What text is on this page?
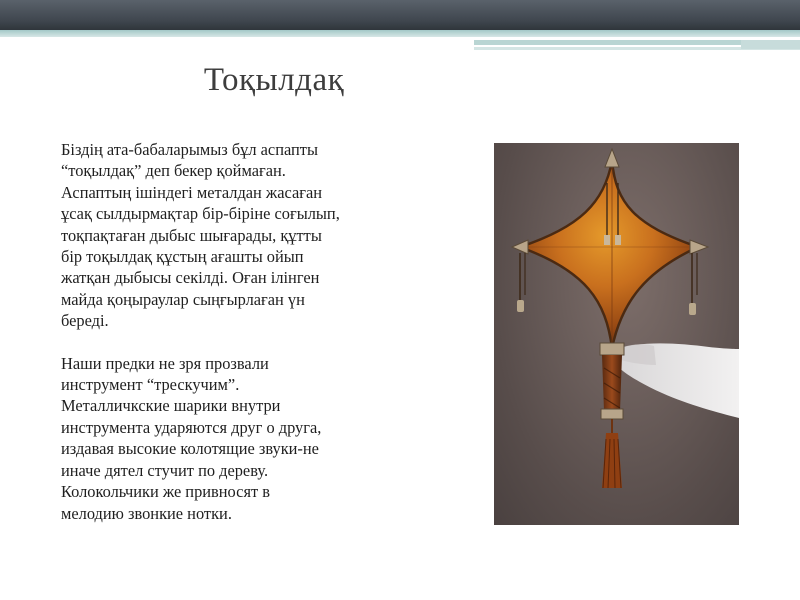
Тоқылдақ

Біздің ата-бабаларымыз бұл аспапты
“тоқылдақ” деп бекер қоймаған.
Аспаптың ішіндегі металдан жасаған
ұсақ сылдырмақтар бір-біріне соғылып,
тоқпақтаған дыбыс шығарады, құтты
бір тоқылдақ құстың ағашты ойып
жатқан дыбысы секілді. Оған ілінген
майда қоңыраулар сыңғырлаған үн
береді.

Наши предки не зря прозвали
инструмент “трескучим”.
Металличкские шарики внутри
инструмента ударяются друг о друга,
издавая высокие колотящие звуки-не
иначе дятел стучит по дереву.
Колокольчики же привносят в
мелодию звонкие нотки.
